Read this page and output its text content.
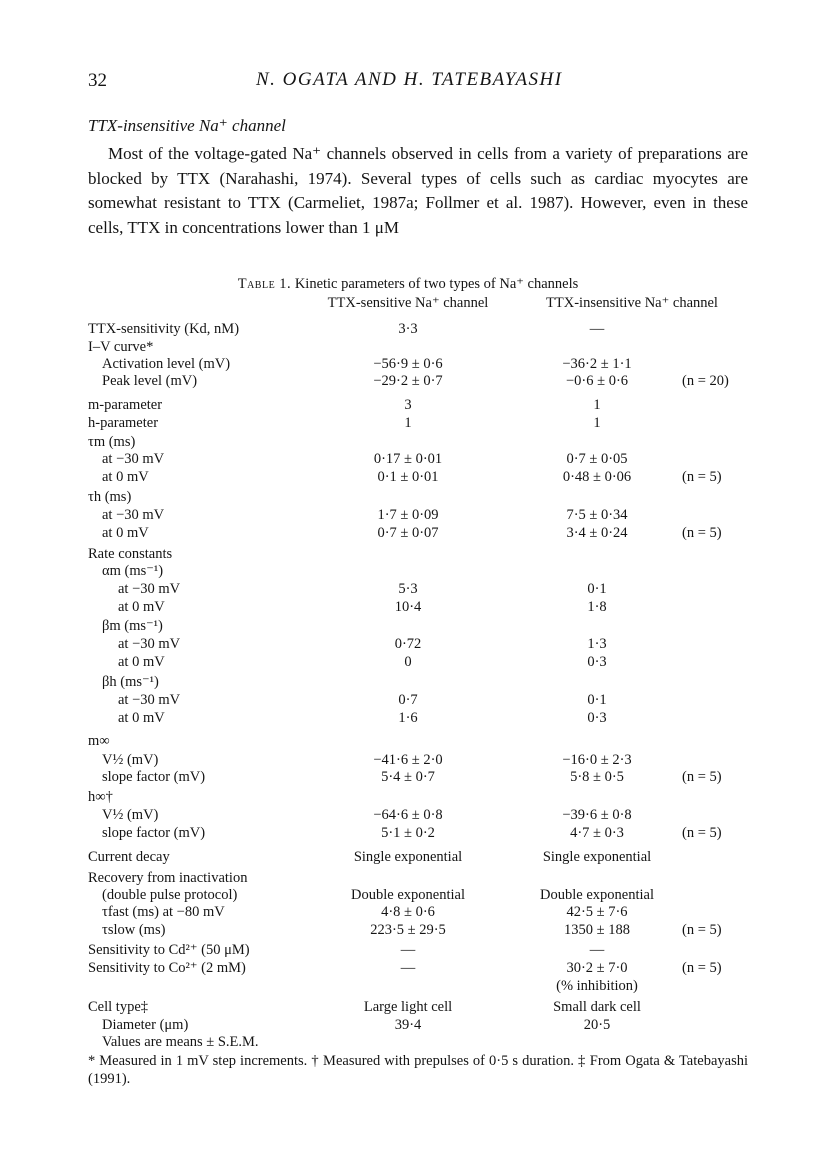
32	N. OGATA AND H. TATEBAYASHI
TTX-insensitive Na⁺ channel
Most of the voltage-gated Na⁺ channels observed in cells from a variety of preparations are blocked by TTX (Narahashi, 1974). Several types of cells such as cardiac myocytes are somewhat resistant to TTX (Carmeliet, 1987a; Follmer et al. 1987). However, even in these cells, TTX in concentrations lower than 1 μM
Table 1. Kinetic parameters of two types of Na⁺ channels
TTX-sensitive Na⁺ channel	TTX-insensitive Na⁺ channel
TTX-sensitivity (Kd, nM)	3·3	—
I–V curve*
Activation level (mV)	−56·9 ± 0·6	−36·2 ± 1·1
Peak level (mV)	−29·2 ± 0·7	−0·6 ± 0·6	(n = 20)
m-parameter	3	1
h-parameter	1	1
τm (ms)
at −30 mV	0·17 ± 0·01	0·7 ± 0·05
at 0 mV	0·1 ± 0·01	0·48 ± 0·06	(n = 5)
τh (ms)
at −30 mV	1·7 ± 0·09	7·5 ± 0·34
at 0 mV	0·7 ± 0·07	3·4 ± 0·24	(n = 5)
Rate constants
αm (ms⁻¹)
at −30 mV	5·3	0·1
at 0 mV	10·4	1·8
βm (ms⁻¹)
at −30 mV	0·72	1·3
at 0 mV	0	0·3
βh (ms⁻¹)
at −30 mV	0·7	0·1
at 0 mV	1·6	0·3
m∞
V½ (mV)	−41·6 ± 2·0	−16·0 ± 2·3
slope factor (mV)	5·4 ± 0·7	5·8 ± 0·5	(n = 5)
h∞†
V½ (mV)	−64·6 ± 0·8	−39·6 ± 0·8
slope factor (mV)	5·1 ± 0·2	4·7 ± 0·3	(n = 5)
Current decay	Single exponential	Single exponential
Recovery from inactivation
(double pulse protocol)	Double exponential	Double exponential
τfast (ms) at −80 mV	4·8 ± 0·6	42·5 ± 7·6
τslow (ms)	223·5 ± 29·5	1350 ± 188	(n = 5)
Sensitivity to Cd²⁺ (50 μM)	—	—
Sensitivity to Co²⁺ (2 mM)	—	30·2 ± 7·0	(n = 5)
(% inhibition)
Cell type‡	Large light cell	Small dark cell
Diameter (μm)	39·4	20·5
Values are means ± S.E.M.
* Measured in 1 mV step increments. † Measured with prepulses of 0·5 s duration. ‡ From Ogata & Tatebayashi (1991).
